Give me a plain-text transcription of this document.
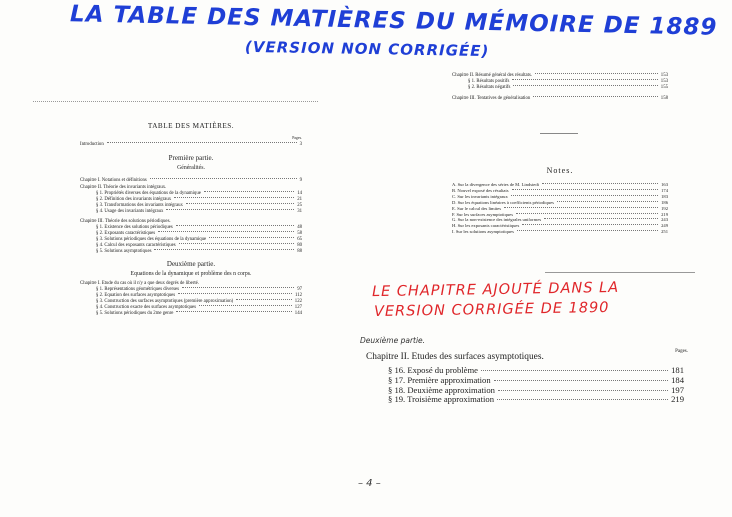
LA TABLE DES MATIÈRES DU MÉMOIRE DE 1889
(VERSION NON CORRIGÉE)
TABLE DES MATIÈRES.
Pages.
Introduction	3
Première partie.
Généralités.
Chapitre I. Notations et définitions	9
Chapitre II. Théorie des invariants intégraux.
§ 1. Propriétés diverses des équations de la dynamique	14
§ 2. Définition des invariants intégraux	21
§ 3. Transformations des invariants intégraux	25
§ 4. Usage des invariants intégraux	31
Chapitre III. Théorie des solutions périodiques.
§ 1. Existence des solutions périodiques	48
§ 2. Exposants caractéristiques	58
§ 3. Solutions périodiques des équations de la dynamique	65
§ 4. Calcul des exposants caractéristiques	80
§ 5. Solutions asymptotiques	88
Deuxième partie.
Equations de la dynamique et problème des n corps.
Chapitre I. Etude du cas où il n'y a que deux degrés de liberté.
§ 1. Représentations géométriques diverses	97
§ 2. Equation des surfaces asymptotiques	112
§ 3. Construction des surfaces asymptotiques (première approximation)	122
§ 4. Construction exacte des surfaces asymptotiques	127
§ 5. Solutions périodiques du 2me genre	144
Chapitre II. Résumé général des résultats.	153
§ 1. Résultats positifs	153
§ 2. Résultats négatifs	155
Chapitre III. Tentatives de généralisation	158
Notes.
A. Sur la divergence des séries de M. Lindstedt	163
B. Nouvel exposé des résultats	174
C. Sur les invariants intégraux	183
D. Sur les équations linéaires à coefficients périodiques	186
E. Sur le calcul des limites	192
F. Sur les surfaces asymptotiques	219
G. Sur la non-existence des intégrales uniformes	243
H. Sur les exposants caractéristiques	249
I. Sur les solutions asymptotiques	251
LE CHAPITRE AJOUTÉ DANS LA
VERSION CORRIGÉE DE 1890
Deuxième partie.
Pages.
Chapitre II. Etudes des surfaces asymptotiques.
§ 16. Exposé du problème	181
§ 17. Première approximation	184
§ 18. Deuxième approximation	197
§ 19. Troisième approximation	219
– 4 –
